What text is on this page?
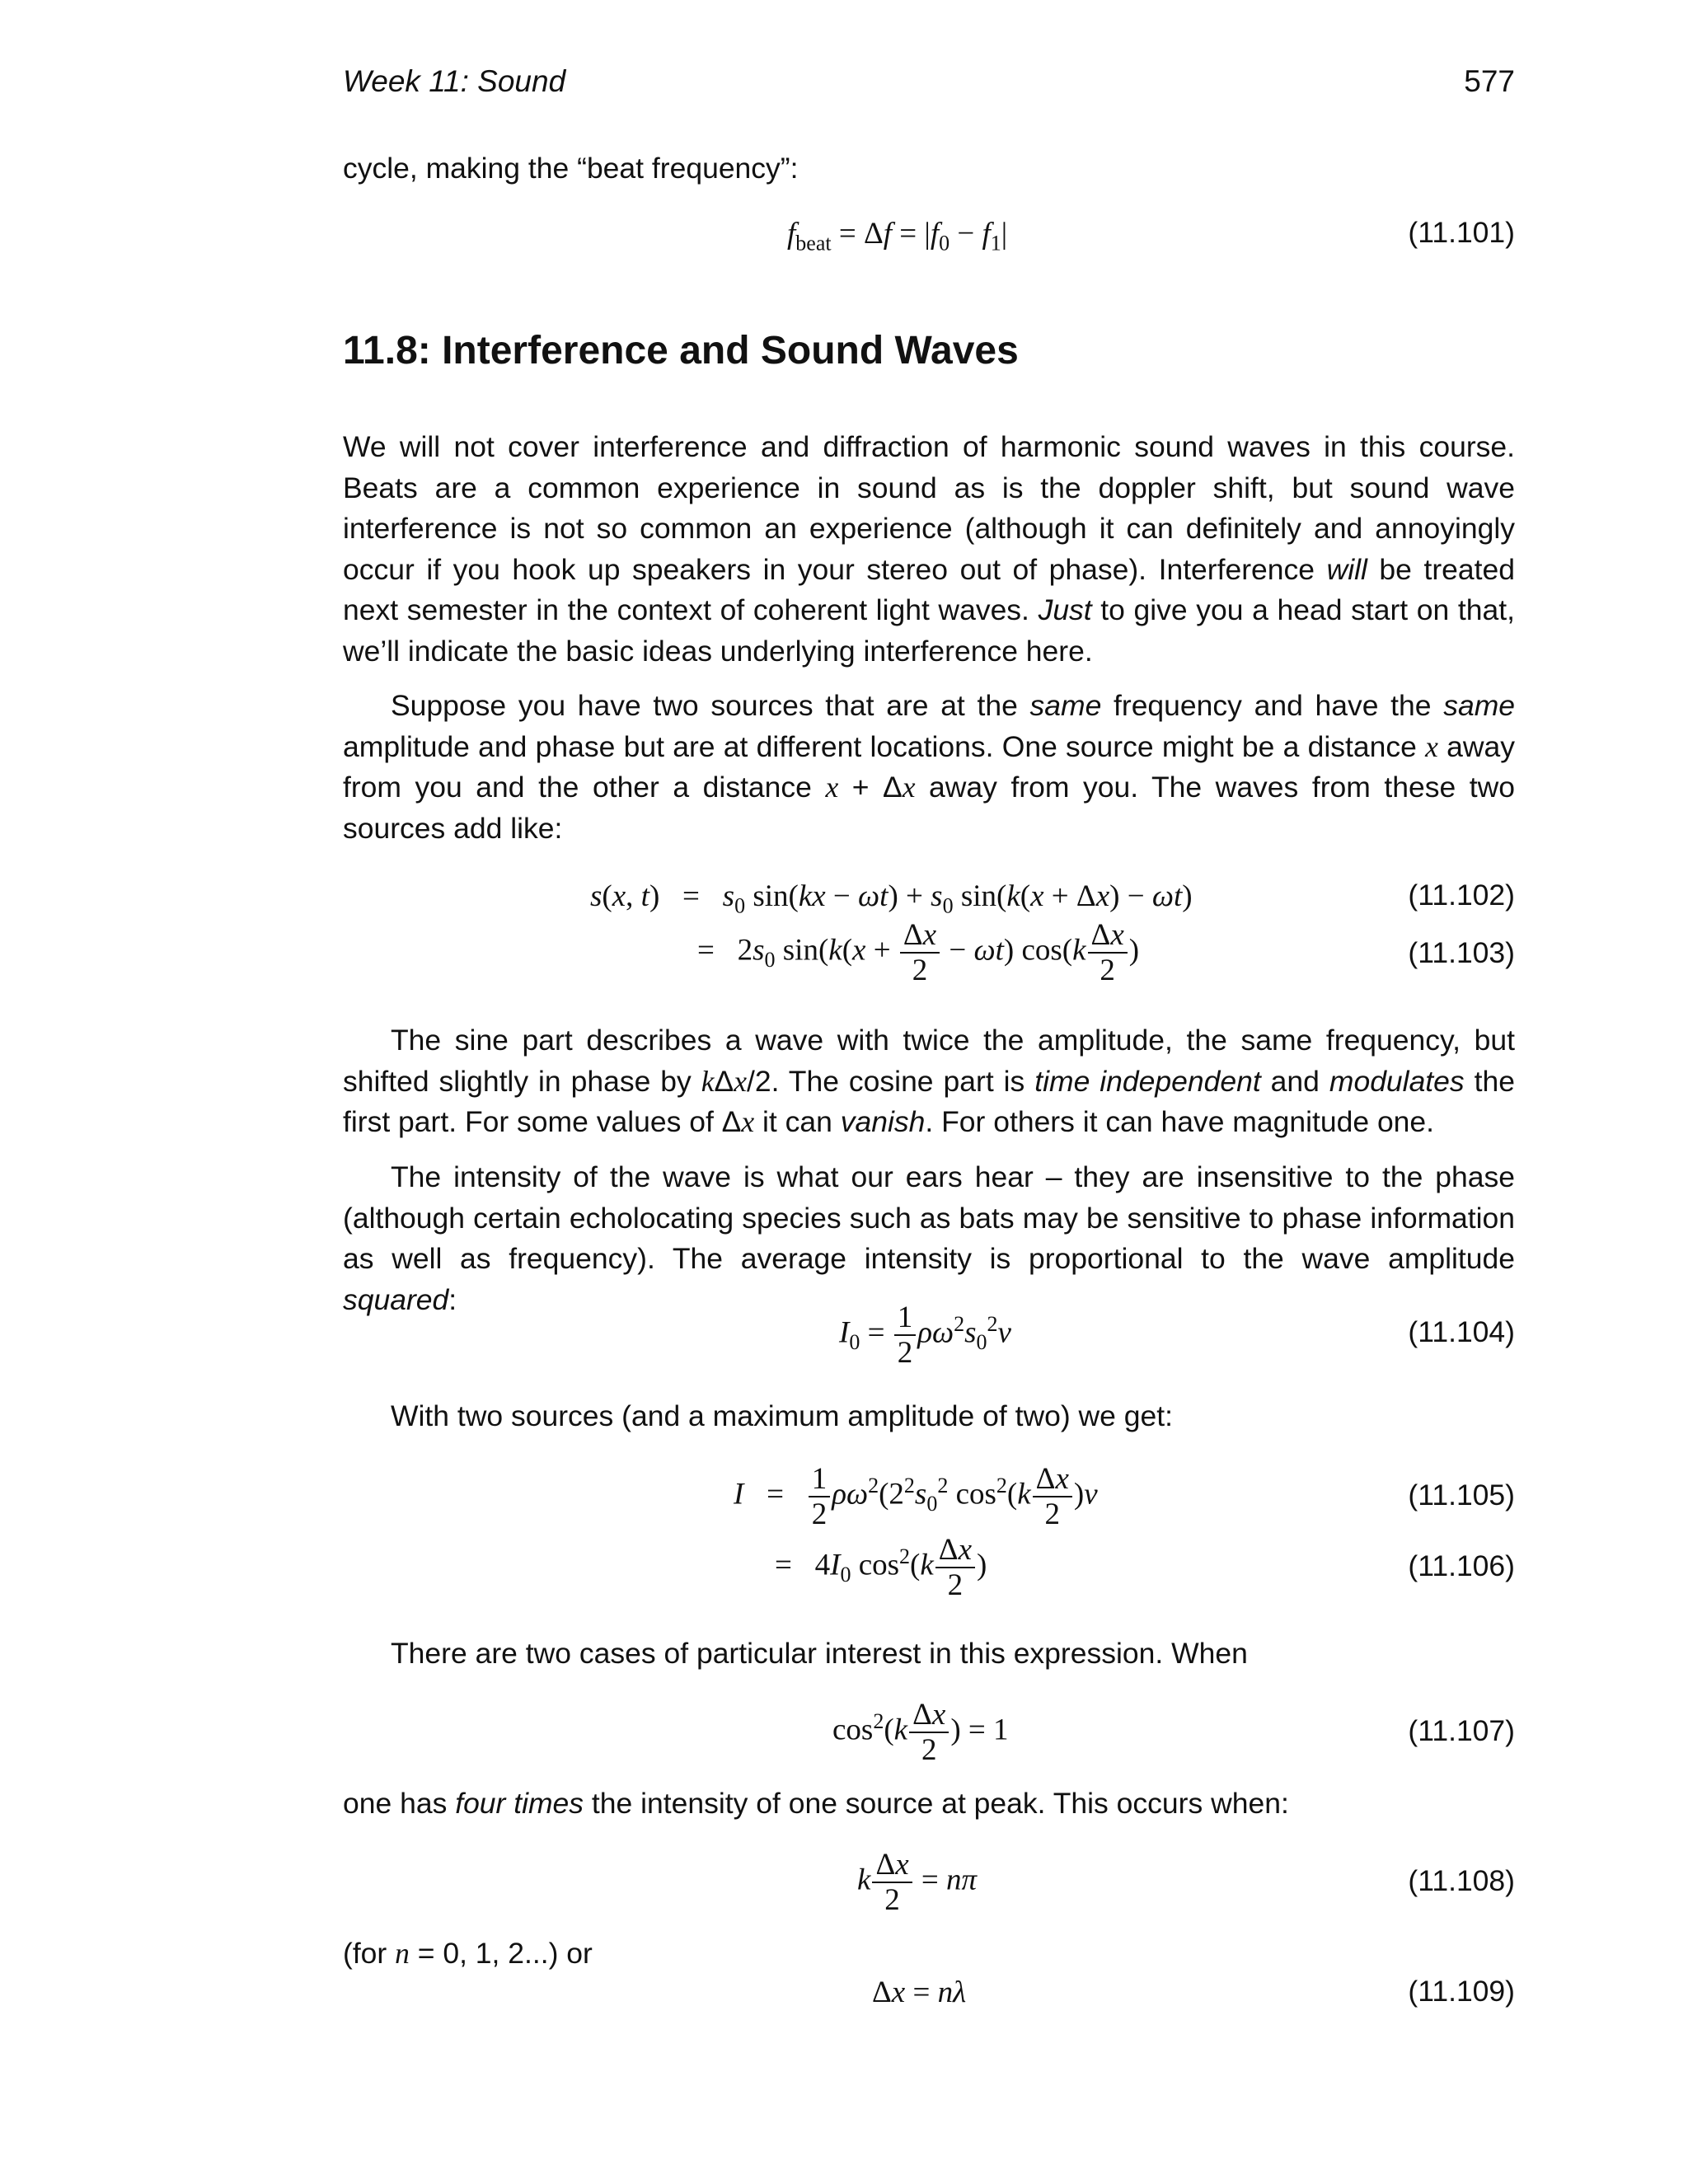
Week 11: Sound	577
cycle, making the “beat frequency”:
$f_{beat} = \Delta f = |f_0 - f_1|$	(11.101)
11.8: Interference and Sound Waves
We will not cover interference and diffraction of harmonic sound waves in this course. Beats are a common experience in sound as is the doppler shift, but sound wave interference is not so common an experience (although it can definitely and annoyingly occur if you hook up speakers in your stereo out of phase). Interference will be treated next semester in the context of coherent light waves. Just to give you a head start on that, we’ll indicate the basic ideas underlying interference here.
Suppose you have two sources that are at the same frequency and have the same amplitude and phase but are at different locations. One source might be a distance x away from you and the other a distance x + Δx away from you. The waves from these two sources add like:
s(x, $t) = s_0$ $\sin(kx - \omega t) + s_0$ sin(k(x + Δx) − ωt)	(11.102)
=   $2s_0$ $\sin(k(x + \frac{\Delta x}{2} - \omega t)$ $\cos(k \frac{\Delta x}{2}$ )	(11.103)
The sine part describes a wave with twice the amplitude, the same frequency, but shifted slightly in phase by kΔx/2. The cosine part is time independent and modulates the first part. For some values of Δx it can vanish. For others it can have magnitude one.
The intensity of the wave is what our ears hear – they are insensitive to the phase (although certain echolocating species such as bats may be sensitive to phase information as well as frequency). The average intensity is proportional to the wave amplitude squared:
$I_0 = \frac{1}{2} \rho\omega^2s_0^2v$	(11.104)
With two sources (and a maximum amplitude of two) we get:
$I = \frac{1}{2} \rho\omega^2(2^2s_0^2$ $\cos^2(k \frac{\Delta x}{2} )v$	(11.105)
=   $4I_0$ $\cos^2(k \frac{\Delta x}{2}$ )	(11.106)
There are two cases of particular interest in this expression. When
$\cos^2(k \frac{\Delta x}{2}$ ) = 1	(11.107)
one has four times the intensity of one source at peak. This occurs when:
k $\frac{\Delta x}{2} = n\pi$	(11.108)
(for n = 0, 1, 2...) or
Δx = nλ	(11.109)
